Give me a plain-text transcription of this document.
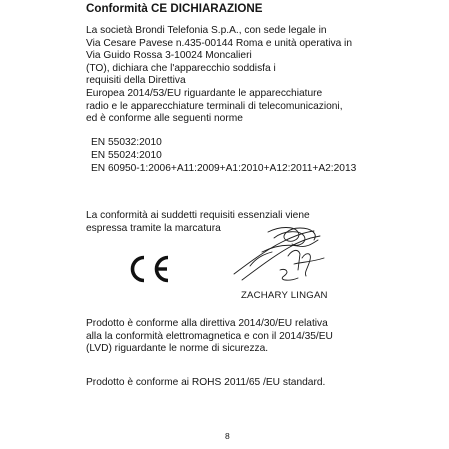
Conformità CE DICHIARAZIONE
La società Brondi Telefonia S.p.A., con sede legale in
Via Cesare Pavese n.435-00144 Roma e unità operativa in
Via Guido Rossa 3-10024 Moncalieri
(TO), dichiara che l'apparecchio soddisfa i
requisiti della Direttiva
Europea 2014/53/EU riguardante le apparecchiature
radio e le apparecchiature terminali di telecomunicazioni,
ed è conforme alle seguenti norme
EN 55032:2010
EN 55024:2010
EN 60950-1:2006+A11:2009+A1:2010+A12:2011+A2:2013
La conformità ai suddetti requisiti essenziali viene
espressa tramite la marcatura
ZACHARY LINGAN
Prodotto è conforme alla direttiva 2014/30/EU relativa
alla la conformità elettromagnetica e con il 2014/35/EU
(LVD) riguardante le norme di sicurezza.
Prodotto è conforme ai ROHS 2011/65 /EU standard.
8
